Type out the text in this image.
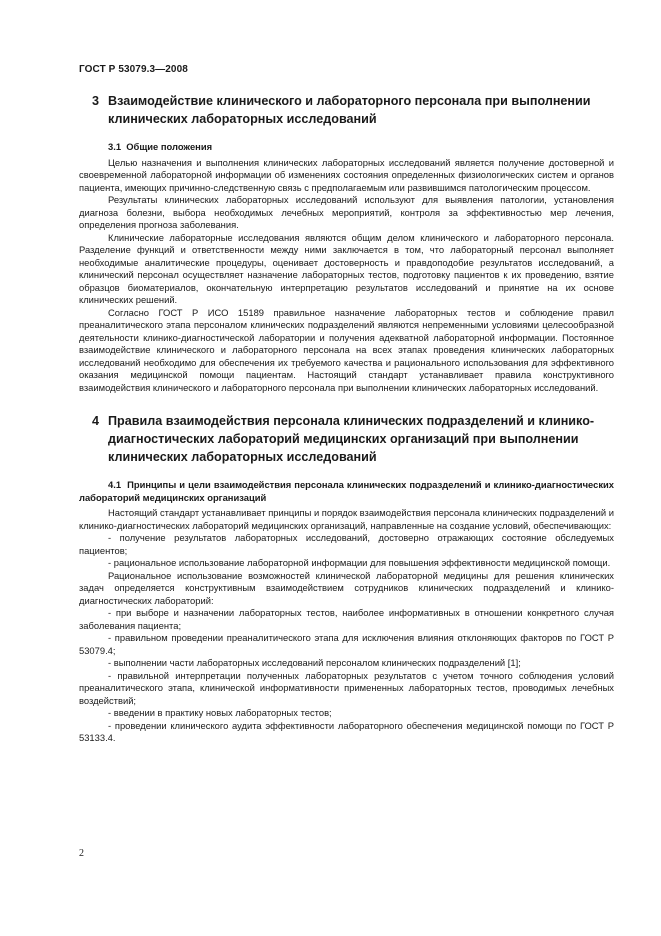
ГОСТ Р 53079.3—2008
3 Взаимодействие клинического и лабораторного персонала при выполнении клинических лабораторных исследований
3.1 Общие положения

Целью назначения и выполнения клинических лабораторных исследований является получение достоверной и своевременной лабораторной информации об изменениях состояния определенных физиологических систем и органов пациента, имеющих причинно-следственную связь с предполагаемым или развившимся патологическим процессом.

Результаты клинических лабораторных исследований используют для выявления патологии, установления диагноза болезни, выбора необходимых лечебных мероприятий, контроля за эффективностью мер лечения, определения прогноза заболевания.

Клинические лабораторные исследования являются общим делом клинического и лабораторного персонала. Разделение функций и ответственности между ними заключается в том, что лабораторный персонал выполняет необходимые аналитические процедуры, оценивает достоверность и правдоподобие результатов исследований, а клинический персонал осуществляет назначение лабораторных тестов, подготовку пациентов к их проведению, взятие образцов биоматериалов, окончательную интерпретацию результатов исследований и принятие на их основе клинических решений.

Согласно ГОСТ Р ИСО 15189 правильное назначение лабораторных тестов и соблюдение правил преаналитического этапа персоналом клинических подразделений являются непременными условиями целесообразной деятельности клинико-диагностической лаборатории и получения адекватной лабораторной информации. Постоянное взаимодействие клинического и лабораторного персонала на всех этапах проведения клинических лабораторных исследований необходимо для обеспечения их требуемого качества и рационального использования для эффективного оказания медицинской помощи пациентам. Настоящий стандарт устанавливает правила конструктивного взаимодействия клинического и лабораторного персонала при выполнении клинических лабораторных исследований.

4 Правила взаимодействия персонала клинических подразделений и клинико-диагностических лабораторий медицинских организаций при выполнении клинических лабораторных исследований
4.1 Принципы и цели взаимодействия персонала клинических подразделений и клинико-диагностических лабораторий медицинских организаций

Настоящий стандарт устанавливает принципы и порядок взаимодействия персонала клинических подразделений и клинико-диагностических лабораторий медицинских организаций, направленные на создание условий, обеспечивающих:

- получение результатов лабораторных исследований, достоверно отражающих состояние обследуемых пациентов;

- рациональное использование лабораторной информации для повышения эффективности медицинской помощи.

Рациональное использование возможностей клинической лабораторной медицины для решения клинических задач определяется конструктивным взаимодействием сотрудников клинических подразделений и клинико-диагностических лабораторий:

- при выборе и назначении лабораторных тестов, наиболее информативных в отношении конкретного случая заболевания пациента;

- правильном проведении преаналитического этапа для исключения влияния отклоняющих факторов по ГОСТ Р 53079.4;

- выполнении части лабораторных исследований персоналом клинических подразделений [1];

- правильной интерпретации полученных лабораторных результатов с учетом точного соблюдения условий преаналитического этапа, клинической информативности примененных лабораторных тестов, проводимых лечебных воздействий;

- введении в практику новых лабораторных тестов;

- проведении клинического аудита эффективности лабораторного обеспечения медицинской помощи по ГОСТ Р 53133.4.

2
